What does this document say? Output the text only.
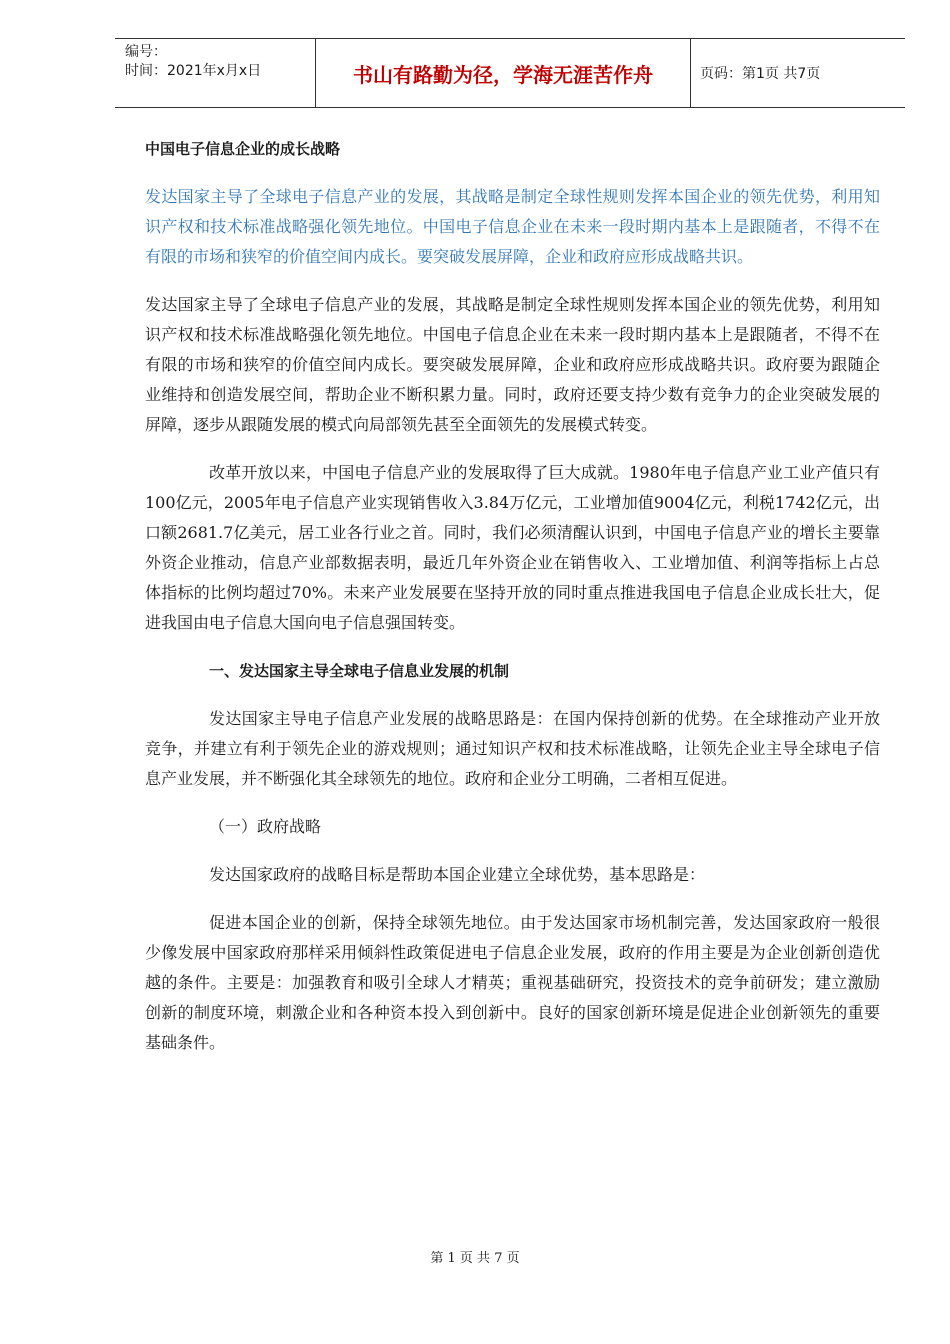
编号：
时间：2021年x月x日	书山有路勤为径，学海无涯苦作舟	页码：第1页 共7页

中国电子信息企业的成长战略

发达国家主导了全球电子信息产业的发展，其战略是制定全球性规则发挥本国企业的领先优势，利用知识产权和技术标准战略强化领先地位。中国电子信息企业在未来一段时期内基本上是跟随者，不得不在有限的市场和狭窄的价值空间内成长。要突破发展屏障，企业和政府应形成战略共识。

发达国家主导了全球电子信息产业的发展，其战略是制定全球性规则发挥本国企业的领先优势，利用知识产权和技术标准战略强化领先地位。中国电子信息企业在未来一段时期内基本上是跟随者，不得不在有限的市场和狭窄的价值空间内成长。要突破发展屏障，企业和政府应形成战略共识。政府要为跟随企业维持和创造发展空间，帮助企业不断积累力量。同时，政府还要支持少数有竞争力的企业突破发展的屏障，逐步从跟随发展的模式向局部领先甚至全面领先的发展模式转变。

改革开放以来，中国电子信息产业的发展取得了巨大成就。1980年电子信息产业工业产值只有100亿元，2005年电子信息产业实现销售收入3.84万亿元，工业增加值9004亿元，利税1742亿元，出口额2681.7亿美元，居工业各行业之首。同时，我们必须清醒认识到，中国电子信息产业的增长主要靠外资企业推动，信息产业部数据表明，最近几年外资企业在销售收入、工业增加值、利润等指标上占总体指标的比例均超过70%。未来产业发展要在坚持开放的同时重点推进我国电子信息企业成长壮大，促进我国由电子信息大国向电子信息强国转变。

一、发达国家主导全球电子信息业发展的机制

发达国家主导电子信息产业发展的战略思路是：在国内保持创新的优势。在全球推动产业开放竞争，并建立有利于领先企业的游戏规则；通过知识产权和技术标准战略，让领先企业主导全球电子信息产业发展，并不断强化其全球领先的地位。政府和企业分工明确，二者相互促进。

（一）政府战略

发达国家政府的战略目标是帮助本国企业建立全球优势，基本思路是：

促进本国企业的创新，保持全球领先地位。由于发达国家市场机制完善，发达国家政府一般很少像发展中国家政府那样采用倾斜性政策促进电子信息企业发展，政府的作用主要是为企业创新创造优越的条件。主要是：加强教育和吸引全球人才精英；重视基础研究，投资技术的竞争前研发；建立激励创新的制度环境，刺激企业和各种资本投入到创新中。良好的国家创新环境是促进企业创新领先的重要基础条件。

第 1 页 共 7 页
